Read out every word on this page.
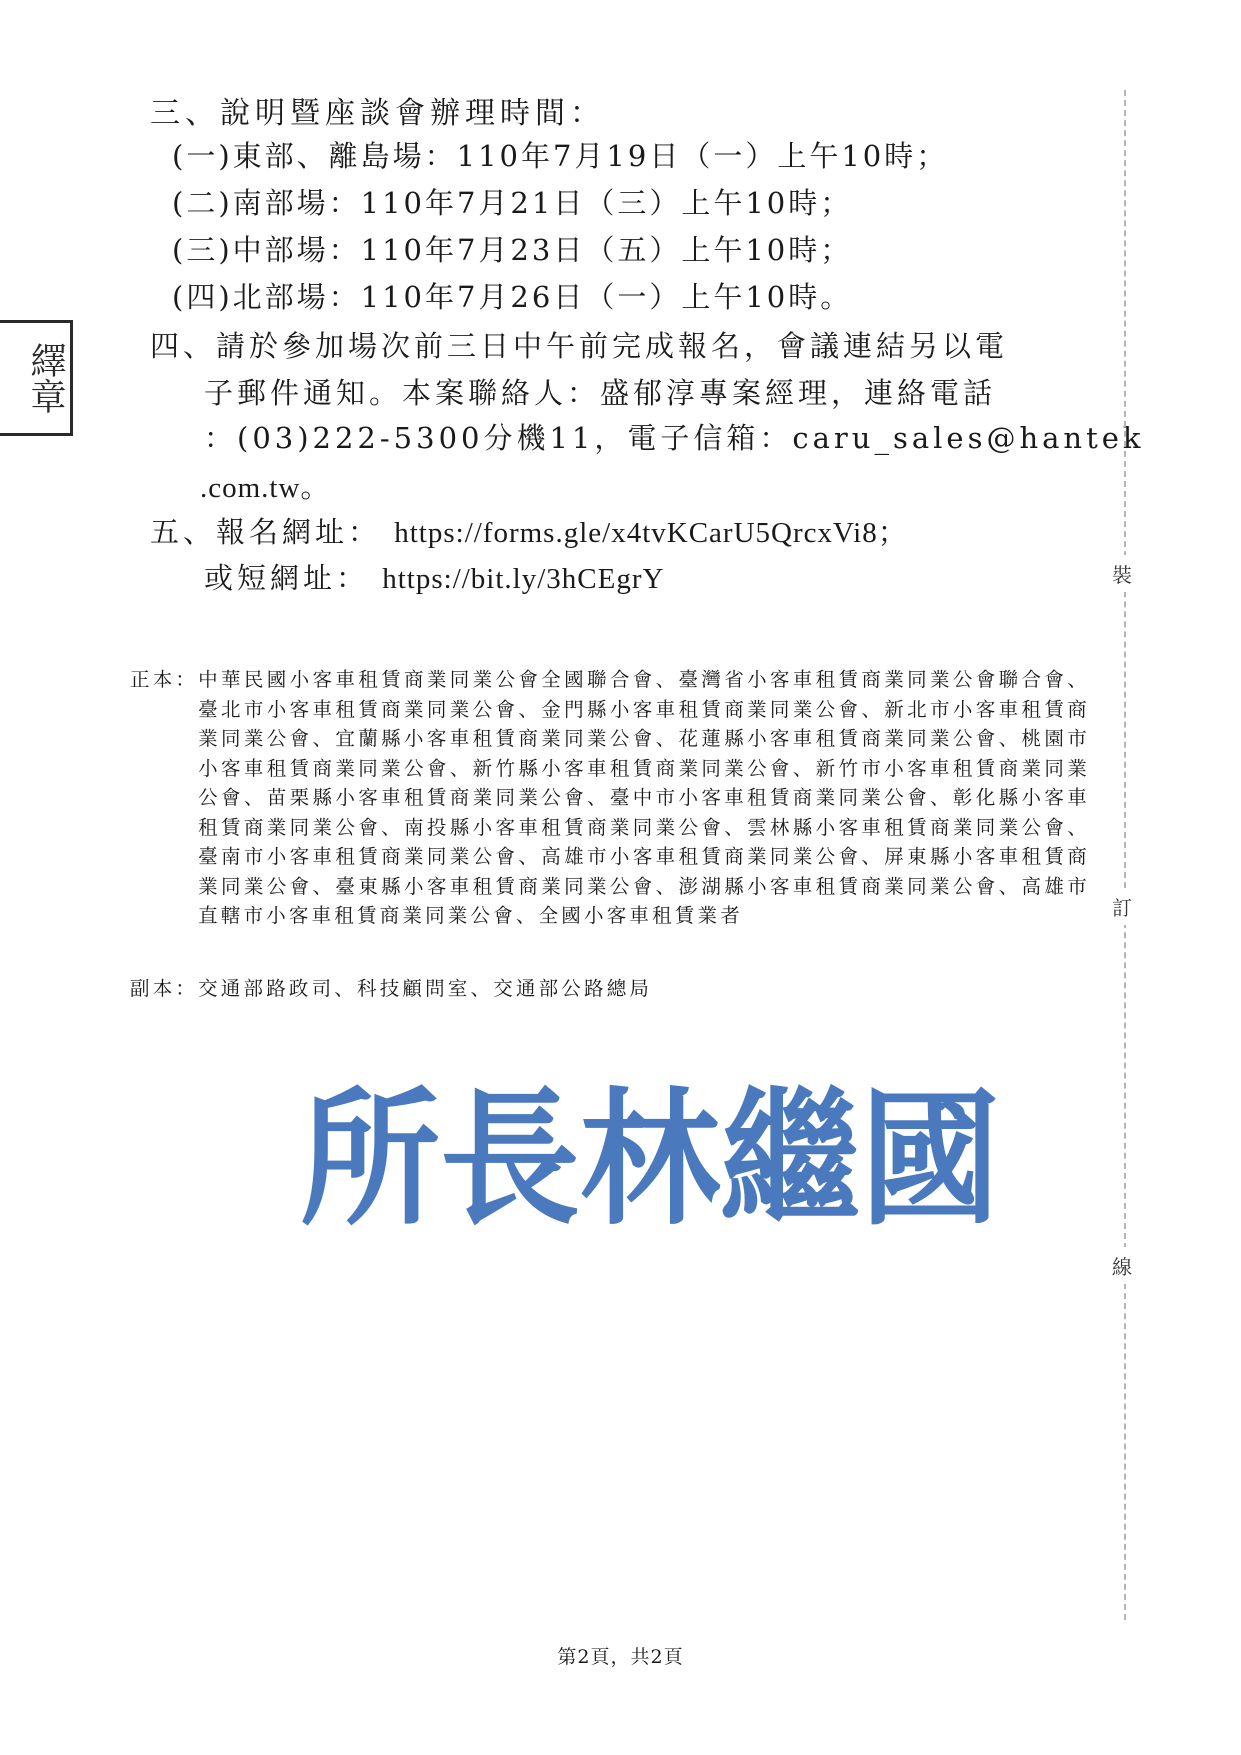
繹章
三、說明暨座談會辦理時間：
(一)東部、離島場：110年7月19日（一）上午10時；
(二)南部場：110年7月21日（三）上午10時；
(三)中部場：110年7月23日（五）上午10時；
(四)北部場：110年7月26日（一）上午10時。
四、請於參加場次前三日中午前完成報名，會議連結另以電
子郵件通知。本案聯絡人：盛郁淳專案經理，連絡電話
：(03)222-5300分機11，電子信箱：caru_sales@hantek
.com.tw。
五、報名網址： https://forms.gle/x4tvKCarU5QrcxVi8；
或短網址： https://bit.ly/3hCEgrY
正本： 中華民國小客車租賃商業同業公會全國聯合會、臺灣省小客車租賃商業同業公會聯合會、臺北市小客車租賃商業同業公會、金門縣小客車租賃商業同業公會、新北市小客車租賃商業同業公會、宜蘭縣小客車租賃商業同業公會、花蓮縣小客車租賃商業同業公會、桃園市小客車租賃商業同業公會、新竹縣小客車租賃商業同業公會、新竹市小客車租賃商業同業公會、苗栗縣小客車租賃商業同業公會、臺中市小客車租賃商業同業公會、彰化縣小客車租賃商業同業公會、南投縣小客車租賃商業同業公會、雲林縣小客車租賃商業同業公會、臺南市小客車租賃商業同業公會、高雄市小客車租賃商業同業公會、屏東縣小客車租賃商業同業公會、臺東縣小客車租賃商業同業公會、澎湖縣小客車租賃商業同業公會、高雄市直轄市小客車租賃商業同業公會、全國小客車租賃業者
副本： 交通部路政司、科技顧問室、交通部公路總局
所 長 林 繼 國
裝
訂
線
第2頁，共2頁
